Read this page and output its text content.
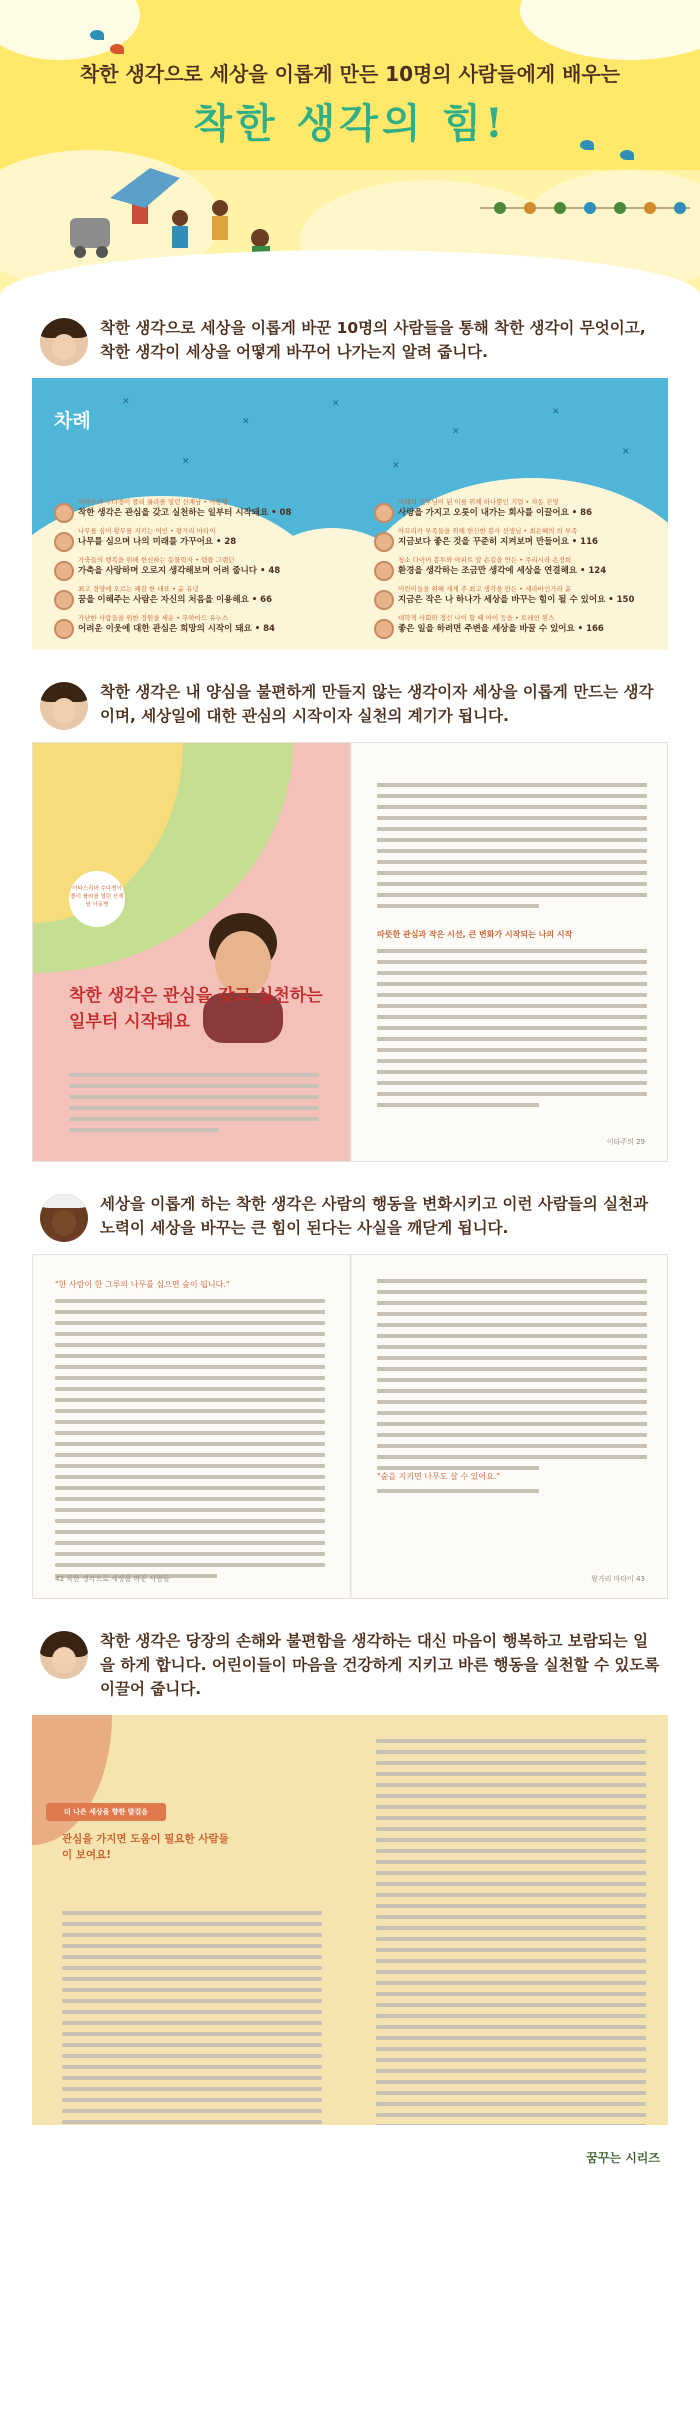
착한 생각으로 세상을 이롭게 만든 10명의 사람들에게 배우는

착한 생각의 힘!

착한 생각으로 세상을 이롭게 바꾼 10명의 사람들을 통해 착한 생각이 무엇이고, 착한 생각이 세상을 어떻게 바꾸어 나가는지 알려 줍니다.

✕
✕
✕
✕
✕
✕
✕	✕
차례
이타주의 수다쟁이 폴리 롤라를 열린 산재남 • 아동병
착한 생각은 관심을 갖고 실천하는 일부터 시작돼요 • 08
나무를 심어 황무를 지키는 여인 • 왕가리 마타이
나무를 심으며 나의 미래를 가꾸어요 • 28
가축들의 행복을 위해 헌신하는 동물학자 • 템플 그랜딘
가축을 사랑하며 오로지 생각해보며 어려 줍니다 • 48
최고 경영에 오르는 쾌감 한 대표 • 윤 유녕
꿈을 이해주는 사람은 자신의 처음을 이용해요 • 66
가난한 사람들을 위한 정원을 세운 • 무하마드 유누스
어려운 이웃에 대한 관심은 희망의 시작이 돼요 • 84
이태석 신부님이 된 이를 위해 하나뿐인 기업 • 차동 진영
사랑을 가지고 오롯이 내가는 회사를 이끌어요 • 86
아프리카 부족들을 위해 헌신한 봉사 선생님 • 최은혜의 의 부족
지금보다 좋은 것을 꾸준히 지켜보며 만들어요 • 116
청소 다이어 봉투와 아파트 앞 손길을 만든 • 주리시라 손정희
환경을 생각하는 조금만 생각에 세상을 연결해요 • 124
어린이들을 위해 세계 주 최고 생각을 만든 • 세라바인가라 윤
지금은 작은 나 하나가 세상을 바꾸는 힘이 될 수 있어요 • 150
대학적 사회와 정신 나이 할 때 아이 등을 • 트레인 윈스
좋은 일을 하려면 주변을 세상을 바꿀 수 있어요 • 166

착한 생각은 내 양심을 불편하게 만들지 않는 생각이자 세상을 이롭게 만드는 생각이며, 세상일에 대한 관심의 시작이자 실천의 계기가 됩니다.

이타스리마 수다쟁이 폴리 롤라를 열린 산재남 아동병
착한 생각은 관심을 갖고 실천하는 일부터 시작돼요
따뜻한 관심과 작은 시선, 큰 변화가 시작되는 나의 시작
이타주의 29

세상을 이롭게 하는 착한 생각은 사람의 행동을 변화시키고 이런 사람들의 실천과 노력이 세상을 바꾸는 큰 힘이 된다는 사실을 깨닫게 됩니다.

"한 사람이 한 그루의 나무를 심으면 숲이 됩니다."
42 착한 생각으로 세상을 바꾼 사람들
"숲을 지키면 나무도 살 수 있어요."
왕가리 마타이 43

착한 생각은 당장의 손해와 불편함을 생각하는 대신 마음이 행복하고 보람되는 일을 하게 합니다. 어린이들이 마음을 건강하게 지키고 바른 행동을 실천할 수 있도록 이끌어 줍니다.

더 나은 세상을 향한 발걸음
관심을 가지면 도움이 필요한 사람들이 보여요!
꿈꾸는 시리즈
